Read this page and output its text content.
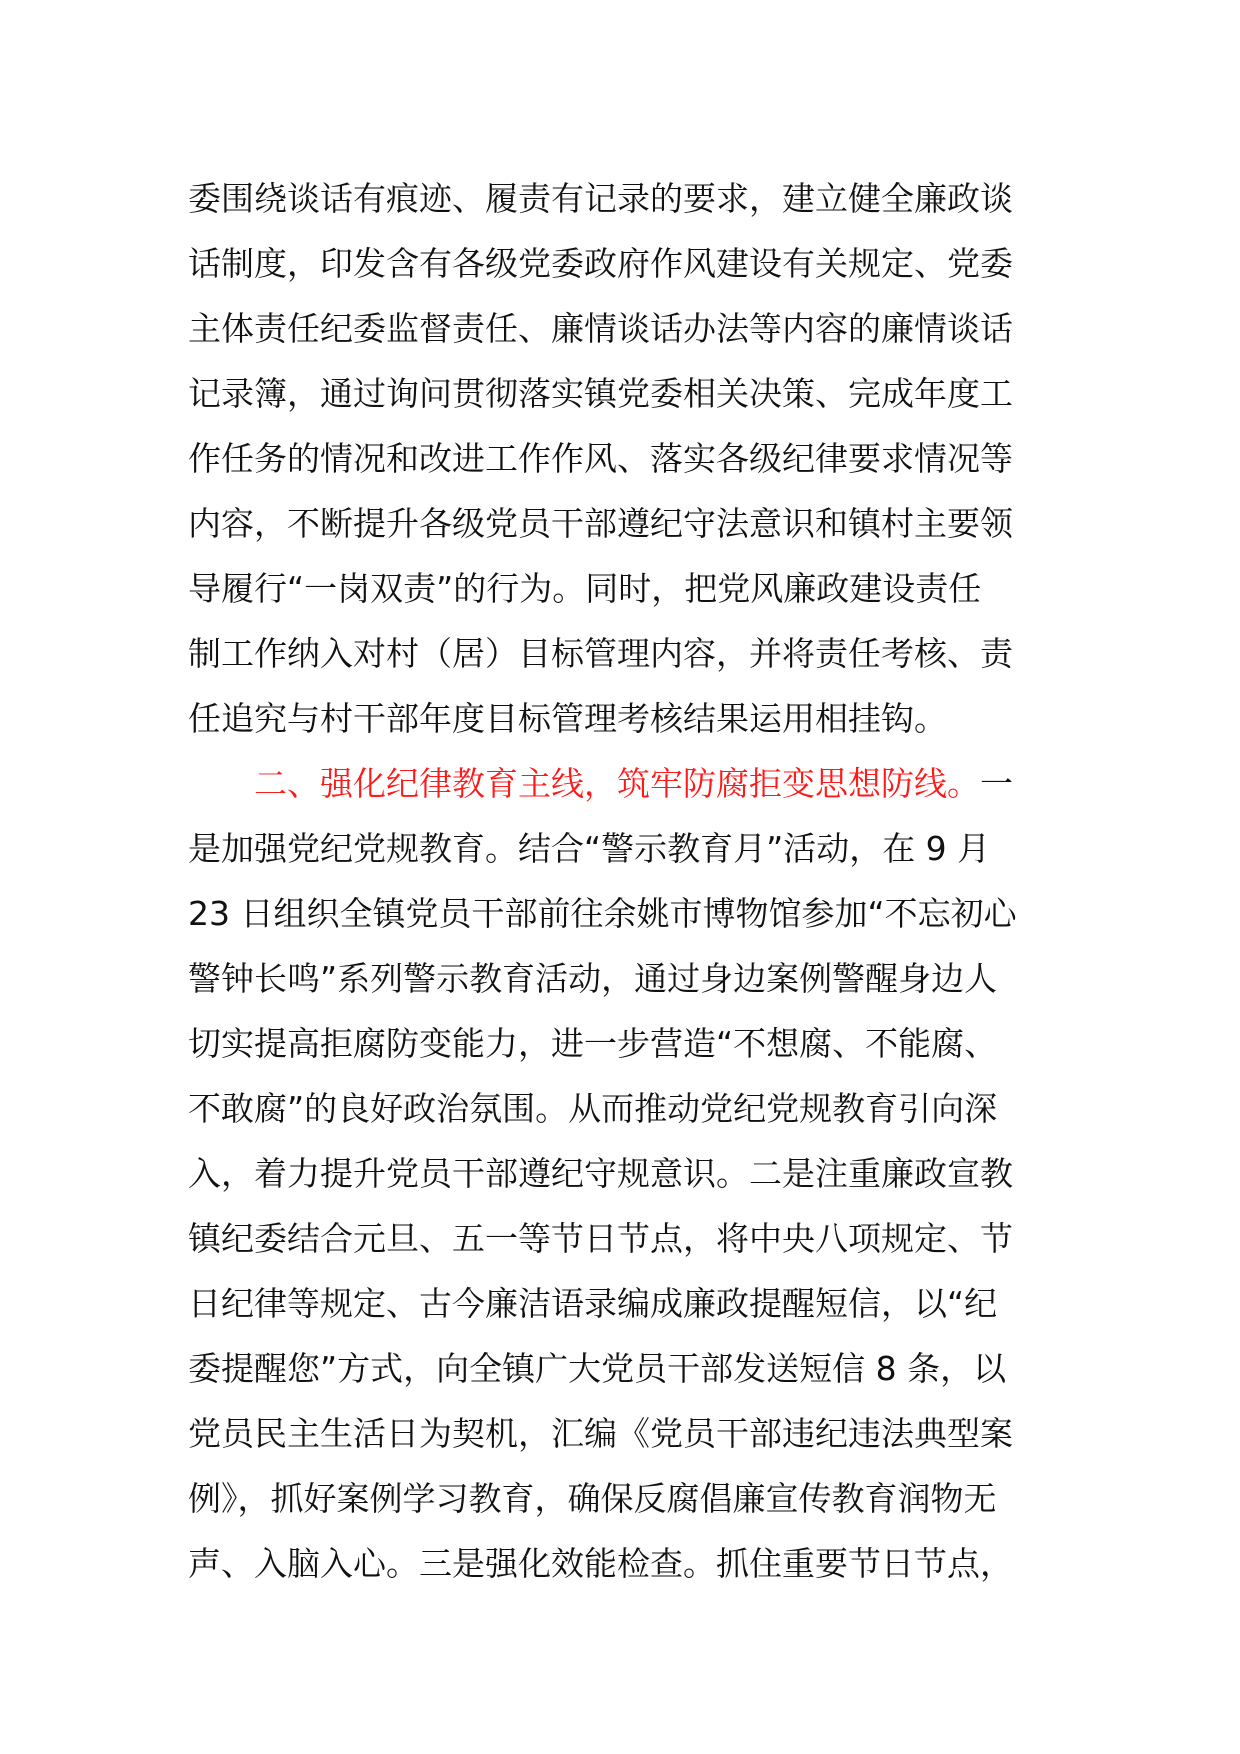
委围绕谈话有痕迹、履责有记录的要求，建立健全廉政谈
话制度，印发含有各级党委政府作风建设有关规定、党委
主体责任纪委监督责任、廉情谈话办法等内容的廉情谈话
记录簿，通过询问贯彻落实镇党委相关决策、完成年度工
作任务的情况和改进工作作风、落实各级纪律要求情况等
内容，不断提升各级党员干部遵纪守法意识和镇村主要领
导履行“一岗双责”的行为。同时，把党风廉政建设责任
制工作纳入对村（居）目标管理内容，并将责任考核、责
任追究与村干部年度目标管理考核结果运用相挂钩。
二、强化纪律教育主线，筑牢防腐拒变思想防线。一
是加强党纪党规教育。结合“警示教育月”活动，在 9 月
23 日组织全镇党员干部前往余姚市博物馆参加“不忘初心
警钟长鸣”系列警示教育活动，通过身边案例警醒身边人
切实提高拒腐防变能力，进一步营造“不想腐、不能腐、
不敢腐”的良好政治氛围。从而推动党纪党规教育引向深
入，着力提升党员干部遵纪守规意识。二是注重廉政宣教
镇纪委结合元旦、五一等节日节点，将中央八项规定、节
日纪律等规定、古今廉洁语录编成廉政提醒短信，以“纪
委提醒您”方式，向全镇广大党员干部发送短信 8 条，以
党员民主生活日为契机，汇编《党员干部违纪违法典型案
例》，抓好案例学习教育，确保反腐倡廉宣传教育润物无
声、入脑入心。三是强化效能检查。抓住重要节日节点，
